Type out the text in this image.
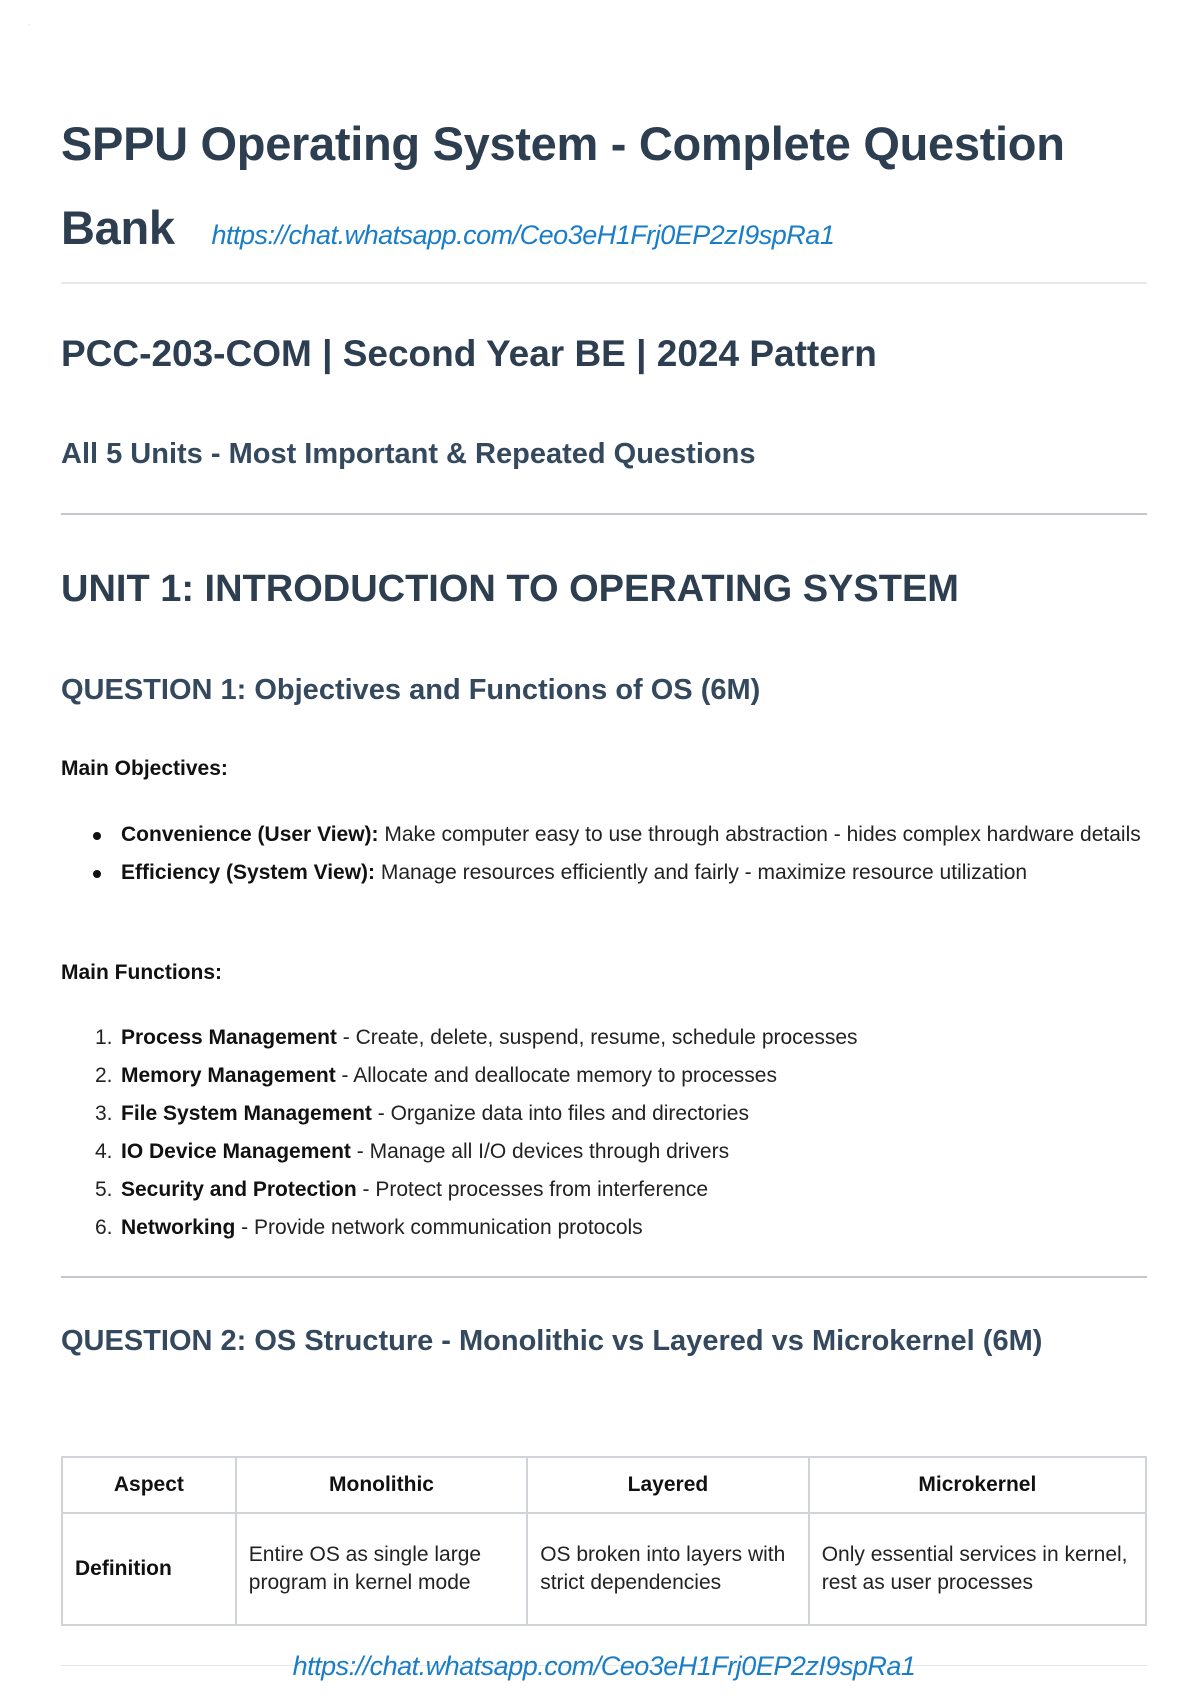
·
SPPU Operating System - Complete Question Bank https://chat.whatsapp.com/Ceo3eH1Frj0EP2zI9spRa1
PCC-203-COM | Second Year BE | 2024 Pattern
All 5 Units - Most Important & Repeated Questions
UNIT 1: INTRODUCTION TO OPERATING SYSTEM
QUESTION 1: Objectives and Functions of OS (6M)
Main Objectives:
Convenience (User View): Make computer easy to use through abstraction - hides complex hardware details
Efficiency (System View): Manage resources efficiently and fairly - maximize resource utilization
Main Functions:
1. Process Management - Create, delete, suspend, resume, schedule processes
2. Memory Management - Allocate and deallocate memory to processes
3. File System Management - Organize data into files and directories
4. IO Device Management - Manage all I/O devices through drivers
5. Security and Protection - Protect processes from interference
6. Networking - Provide network communication protocols
QUESTION 2: OS Structure - Monolithic vs Layered vs Microkernel (6M)
Aspect	Monolithic	Layered	Microkernel
Definition	Entire OS as single large program in kernel mode	OS broken into layers with strict dependencies	Only essential services in kernel, rest as user processes
https://chat.whatsapp.com/Ceo3eH1Frj0EP2zI9spRa1
